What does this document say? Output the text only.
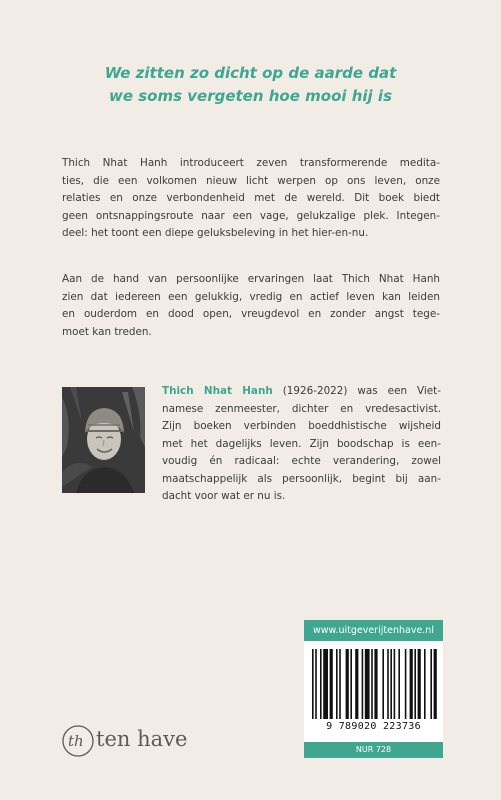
We zitten zo dicht op de aarde dat
we soms vergeten hoe mooi hij is
Thich Nhat Hanh introduceert zeven transformerende medita-
ties, die een volkomen nieuw licht werpen op ons leven, onze
relaties en onze verbondenheid met de wereld. Dit boek biedt
geen ontsnappingsroute naar een vage, gelukzalige plek. Integen-
deel: het toont een diepe geluksbeleving in het hier-en-nu.
Aan de hand van persoonlijke ervaringen laat Thich Nhat Hanh
zien dat iedereen een gelukkig, vredig en actief leven kan leiden
en ouderdom en dood open, vreugdevol en zonder angst tege-
moet kan treden.
Thich Nhat Hanh (1926-2022) was een Viet-
namese zenmeester, dichter en vredesactivist.
Zijn boeken verbinden boeddhistische wijsheid
met het dagelijks leven. Zijn boodschap is een-
voudig én radicaal: echte verandering, zowel
maatschappelijk als persoonlijk, begint bij aan-
dacht voor wat er nu is.
th ten have
www.uitgeverijtenhave.nl
9 789020 223736
NUR 728
